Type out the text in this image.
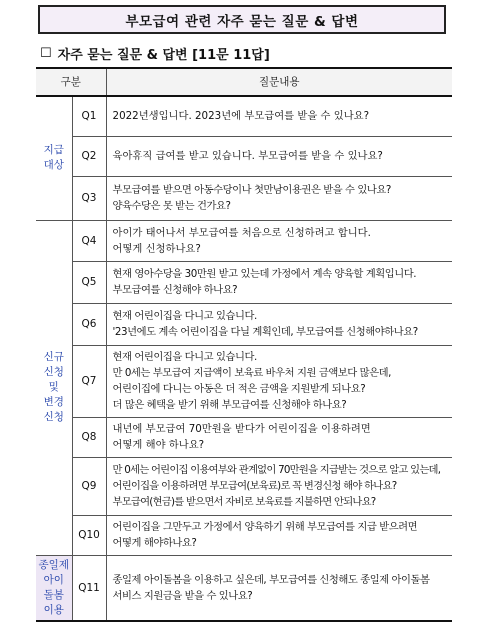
부모급여 관련 자주 묻는 질문 & 답변
☐ 자주 묻는 질문 & 답변 [11문 11답]
구분		질문내용
지급
대상	Q1	2022년생입니다. 2023년에 부모급여를 받을 수 있나요?
	Q2	육아휴직 급여를 받고 있습니다. 부모급여를 받을 수 있나요?
	Q3	부모급여를 받으면 아동수당이나 첫만남이용권은 받을 수 있나요?
양육수당은 못 받는 건가요?
신규
신청
및
변경
신청	Q4	아이가 태어나서 부모급여를 처음으로 신청하려고 합니다.
어떻게 신청하나요?
	Q5	현재 영아수당을 30만원 받고 있는데 가정에서 계속 양육할 계획입니다.
부모급여를 신청해야 하나요?
	Q6	현재 어린이집을 다니고 있습니다.
'23년에도 계속 어린이집을 다닐 계획인데, 부모급여를 신청해야하나요?
	Q7	현재 어린이집을 다니고 있습니다.
만 0세는 부모급여 지급액이 보육료 바우처 지원 금액보다 많은데,
어린이집에 다니는 아동은 더 적은 금액을 지원받게 되나요?
더 많은 혜택을 받기 위해 부모급여를 신청해야 하나요?
	Q8	내년에 부모급여 70만원을 받다가 어린이집을 이용하려면
어떻게 해야 하나요?
	Q9	만 0세는 어린이집 이용여부와 관계없이 70만원을 지급받는 것으로 알고 있는데, 어린이집을 이용하려면 부모급여(보육료)로 꼭 변경신청 해야 하나요?
부모급여(현금)를 받으면서 자비로 보육료를 지불하면 안되나요?
	Q10	어린이집을 그만두고 가정에서 양육하기 위해 부모급여를 지급 받으려면 어떻게 해야하나요?
종일제
아이
돌봄
이용	Q11	종일제 아이돌봄을 이용하고 싶은데, 부모급여를 신청해도 종일제 아이돌봄 서비스 지원금을 받을 수 있나요?
